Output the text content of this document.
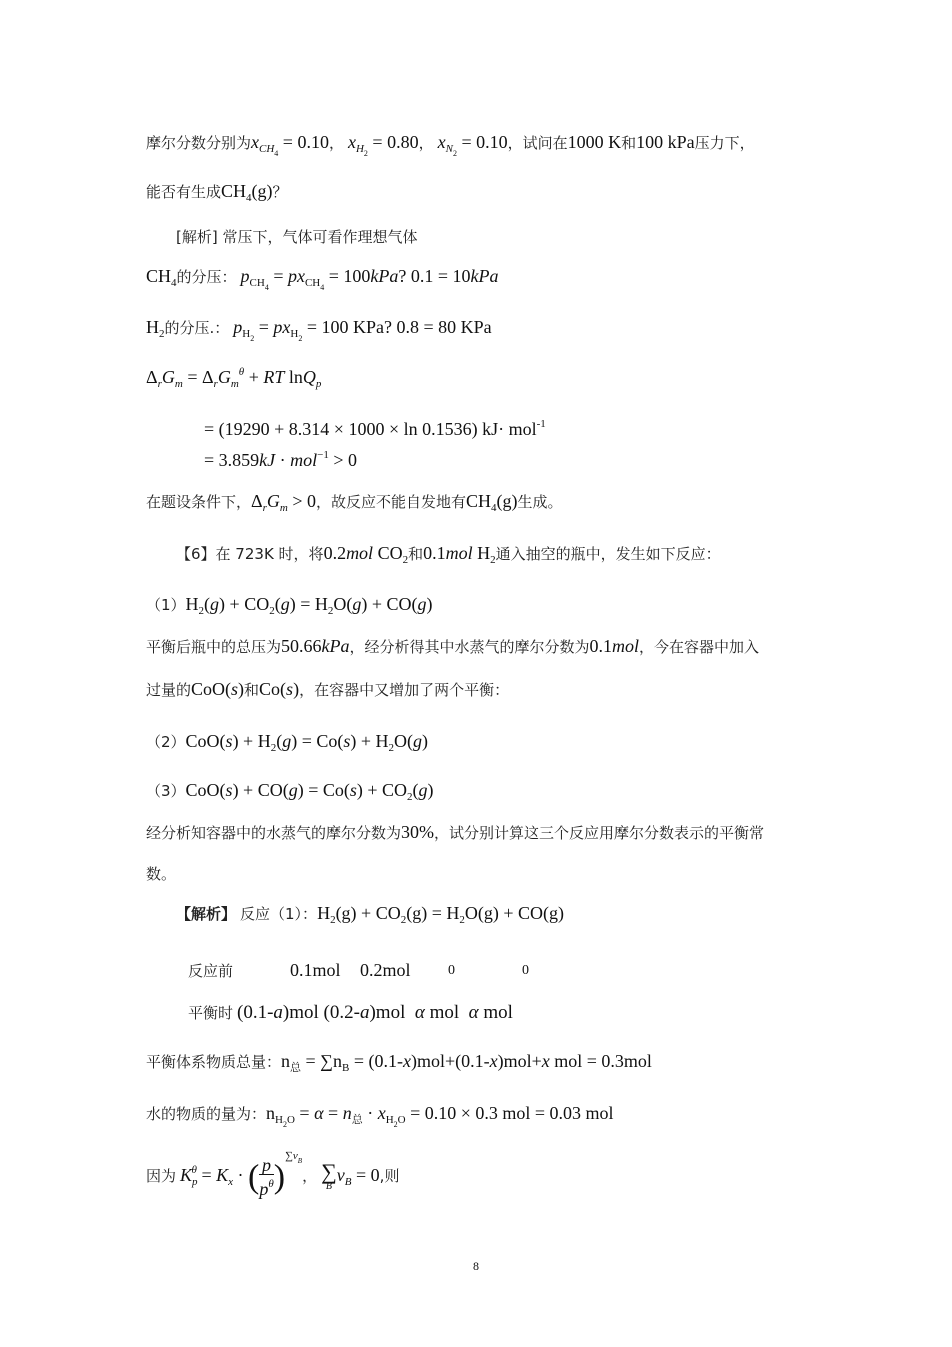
摩尔分数分别为$x_{CH_4} = 0.10$， $x_{H_2} = 0.80$， $x_{N_2} = 0.10$，试问在1000 K和100 kPa压力下，
能否有生成$CH_4(g)$？
[解析] 常压下，气体可看作理想气体
$CH_4$的分压： $p_{CH_4} = px_{CH_4} = 100kPa$? 0.1 = 10kPa
$H_2$的分压.： $p_{H_2} = px_{H_2} = 100$ KPa? 0.8 = 80 KPa
$\Delta_rG_m = \Delta_rG_m^\theta$ + RT lnQ$_p$
= (19290 + 8.314 × 1000 × ln 0.1536) kJ· mol$^{-1}$
= 3.859kJ · mol$^{-1}$ > 0
在题设条件下，$\Delta_rG_m > 0$，故反应不能自发地有$CH_4(g)$生成。
【6】在 723K 时，将0.2mol $CO_2$和0.1mol $H_2$通入抽空的瓶中，发生如下反应：
$(1)H_2(g) + CO_2(g) = H_2O(g) + CO(g)$
平衡后瓶中的总压为50.66kPa，经分析得其中水蒸气的摩尔分数为0.1mol，今在容器中加入
过量的CoO(s)和Co(s)，在容器中又增加了两个平衡：
$(2)CoO(s) + H_2(g) = Co(s) + H_2O(g)$
$(3)CoO(s) + CO(g) = Co(s) + CO_2(g)$
经分析知容器中的水蒸气的摩尔分数为30%，试分别计算这三个反应用摩尔分数表示的平衡常
数。
【解析】 反应（1）：$H_2(g) + CO_2(g) = H_2O(g) + CO(g)$
反应前	0.1mol 0.2mol	0	0
平衡时 (0.1-a)mol (0.2-a)mol  α mol  α mol
平衡体系物质总量：$n_总 = \sum n_B = (0.1-x)mol+(0.1-x)mol+x$ mol = 0.3mol
水的物质的量为：$n_{H_2O} = \alpha = n_总 \cdot x_{H_2O} = 0.10 \times 0.3$ mol = 0.03 mol
因为 $K_p^\theta = K_x$ · ( $\frac{p}{p^\theta} )^{\sum\nu_B}$， ∑
B
$\nu_B = 0$,则
8
